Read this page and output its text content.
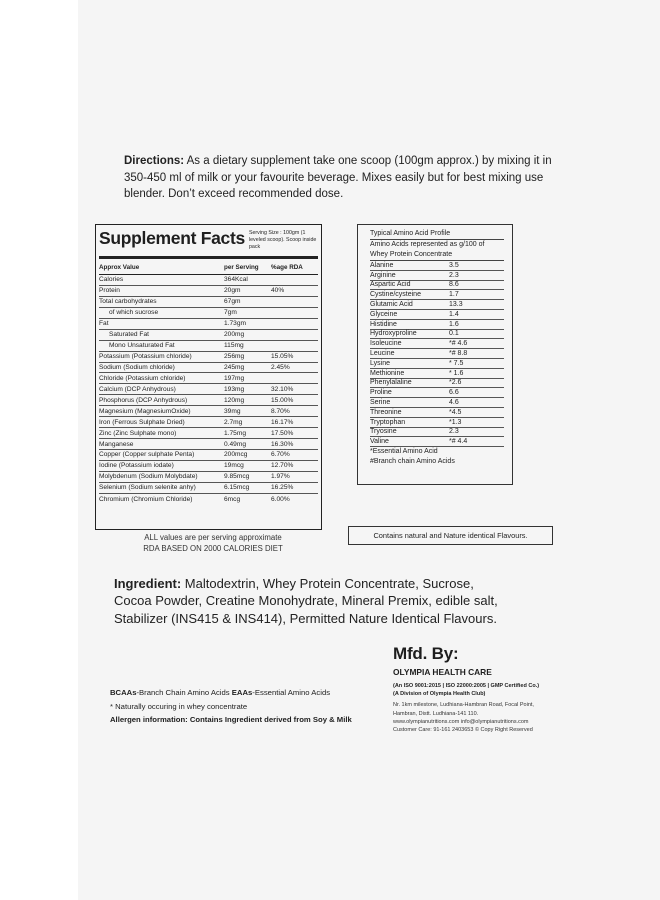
Directions: As a dietary supplement take one scoop (100gm approx.) by mixing it in 350-450 ml of milk or your favourite beverage. Mixes easily but for best mixing use blender. Don’t exceed recommended dose.
Supplement Facts Serving Size : 100gm (1 leveled scoop). Scoop inside pack
Approx Value	per Serving	%age RDA
Calories	364Kcal
Protein	20gm	40%
Total carbohydrates	67gm
of which sucrose	7gm
Fat	1.73gm
Saturated Fat	200mg
Mono Unsaturated Fat	115mg
Potassium (Potassium chloride)	256mg	15.05%
Sodium (Sodium chloride)	245mg	2.45%
Chloride (Potassium chloride)	197mg
Calcium (DCP Anhydrous)	193mg	32.10%
Phosphorus (DCP Anhydrous)	120mg	15.00%
Magnesium (MagnesiumOxide)	39mg	8.70%
Iron (Ferrous Sulphate Dried)	2.7mg	16.17%
Zinc (Zinc Sulphate mono)	1.75mg	17.50%
Manganese	0.49mg	16.30%
Copper (Copper sulphate Penta)	200mcg	6.70%
Iodine (Potassium iodate)	19mcg	12.70%
Molybdenum (Sodium Molybdate)	9.85mcg	1.97%
Selenium (Sodium selenite anhy)	6.15mcg	16.25%
Chromium (Chromium Chloride)	6mcg	6.00%
ALL values are per serving approximate
RDA BASED ON 2000 CALORIES DIET
Typical Amino Acid Profile
Amino Acids represented as g/100 of Whey Protein Concentrate
Alanine	3.5
Arginine	2.3
Aspartic Acid	8.6
Cystine/cysteine	1.7
Glutamic Acid	13.3
Glyceine	1.4
Histidine	1.6
Hydroxyproline	0.1
Isoleucine	*# 4.6
Leucine	*# 8.8
Lysine	* 7.5
Methionine	* 1.6
Phenylalaline	*2.6
Proline	6.6
Serine	4.6
Threonine	*4.5
Tryptophan	*1.3
Tryosine	2.3
Valine	*# 4.4
*Essential Amino Acid
#Branch chain Amino Acids
Contains natural and Nature identical Flavours.
Ingredient: Maltodextrin, Whey Protein Concentrate, Sucrose, Cocoa Powder, Creatine Monohydrate, Mineral Premix, edible salt, Stabilizer (INS415 & INS414), Permitted Nature Identical Flavours.
Mfd. By:
OLYMPIA HEALTH CARE
(An ISO 9001:2015 | ISO 22000:2005 | GMP Certified Co.)
(A Division of Olympia Health Club)
Nr. 1km milestone, Ludhiana-Hambran Road, Focal Point,
Hambran, Distt. Ludhiana-141 110.
www.olympianutritions.com info@olympianutritions.com
Customer Care: 91-161 2403653 © Copy Right Reserved
BCAAs-Branch Chain Amino Acids EAAs-Essential Amino Acids
* Naturally occuring in whey concentrate
Allergen information: Contains Ingredient derived from Soy & Milk
